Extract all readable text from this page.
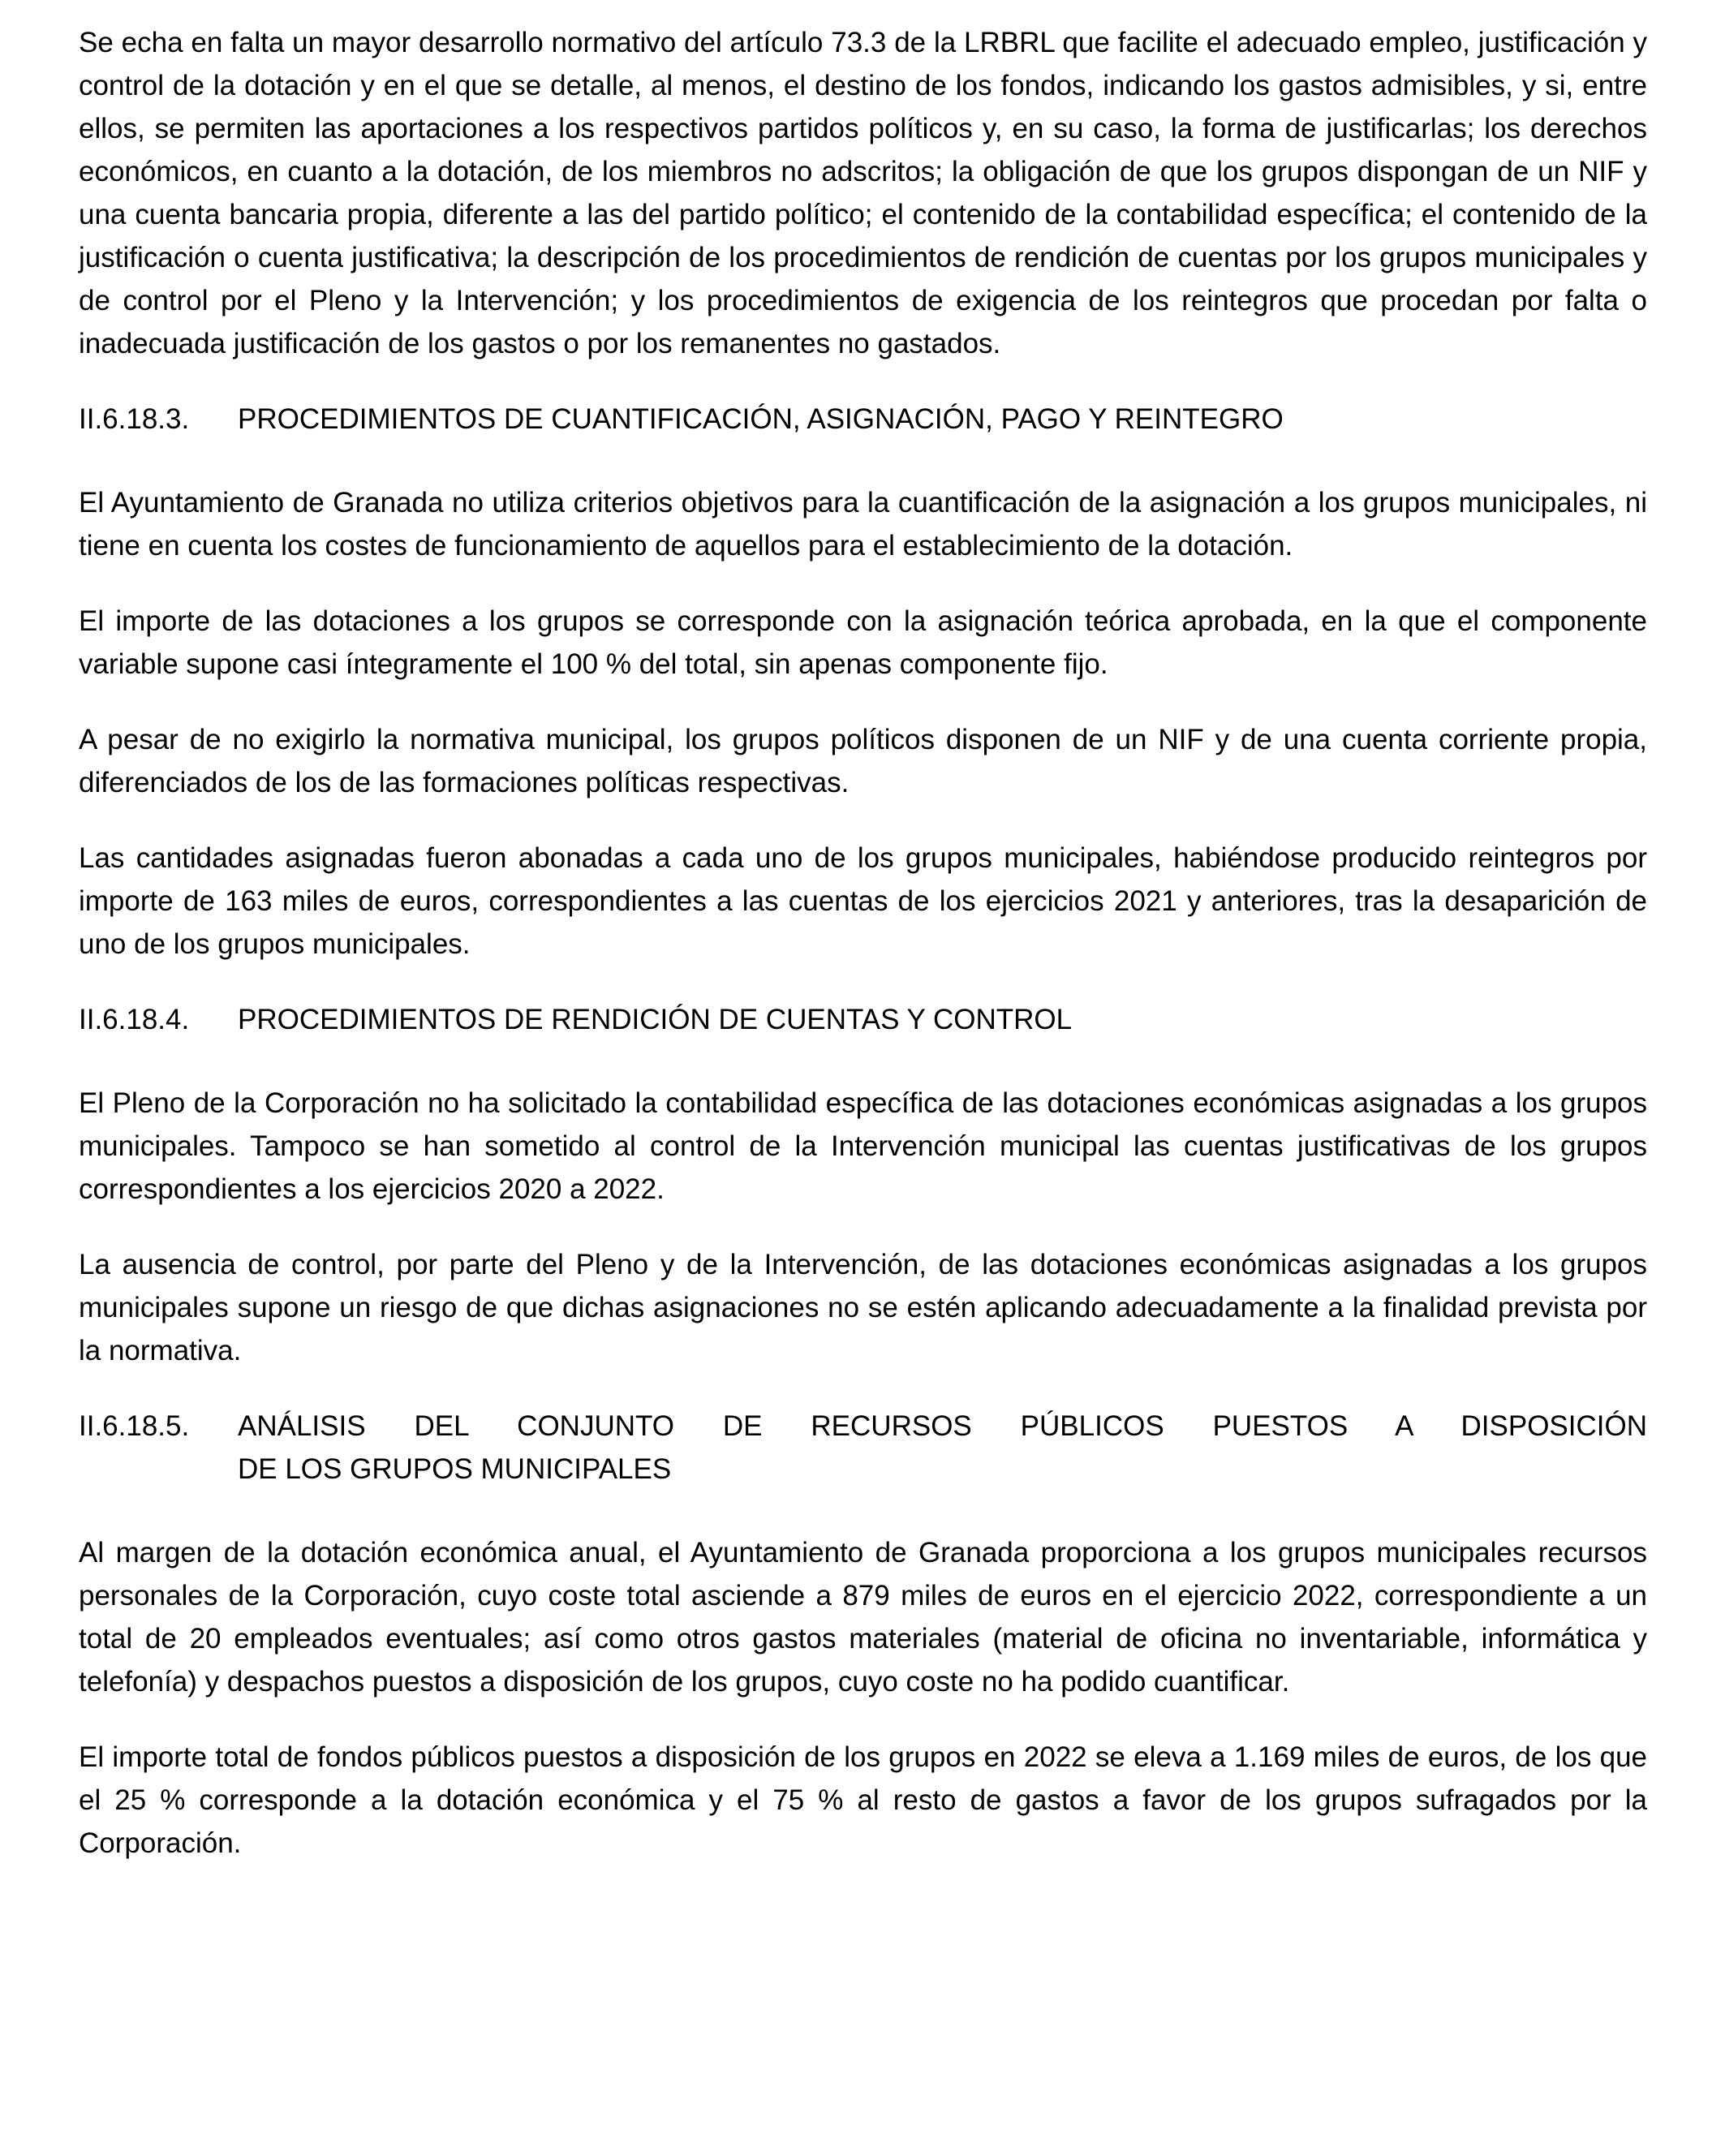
Se echa en falta un mayor desarrollo normativo del artículo 73.3 de la LRBRL que facilite el adecuado empleo, justificación y control de la dotación y en el que se detalle, al menos, el destino de los fondos, indicando los gastos admisibles, y si, entre ellos, se permiten las aportaciones a los respectivos partidos políticos y, en su caso, la forma de justificarlas; los derechos económicos, en cuanto a la dotación, de los miembros no adscritos; la obligación de que los grupos dispongan de un NIF y una cuenta bancaria propia, diferente a las del partido político; el contenido de la contabilidad específica; el contenido de la justificación o cuenta justificativa; la descripción de los procedimientos de rendición de cuentas por los grupos municipales y de control por el Pleno y la Intervención; y los procedimientos de exigencia de los reintegros que procedan por falta o inadecuada justificación de los gastos o por los remanentes no gastados.

II.6.18.3.	PROCEDIMIENTOS DE CUANTIFICACIÓN, ASIGNACIÓN, PAGO Y REINTEGRO

El Ayuntamiento de Granada no utiliza criterios objetivos para la cuantificación de la asignación a los grupos municipales, ni tiene en cuenta los costes de funcionamiento de aquellos para el establecimiento de la dotación.

El importe de las dotaciones a los grupos se corresponde con la asignación teórica aprobada, en la que el componente variable supone casi íntegramente el 100 % del total, sin apenas componente fijo.

A pesar de no exigirlo la normativa municipal, los grupos políticos disponen de un NIF y de una cuenta corriente propia, diferenciados de los de las formaciones políticas respectivas.

Las cantidades asignadas fueron abonadas a cada uno de los grupos municipales, habiéndose producido reintegros por importe de 163 miles de euros, correspondientes a las cuentas de los ejercicios 2021 y anteriores, tras la desaparición de uno de los grupos municipales.

II.6.18.4.	PROCEDIMIENTOS DE RENDICIÓN DE CUENTAS Y CONTROL

El Pleno de la Corporación no ha solicitado la contabilidad específica de las dotaciones económicas asignadas a los grupos municipales. Tampoco se han sometido al control de la Intervención municipal las cuentas justificativas de los grupos correspondientes a los ejercicios 2020 a 2022.

La ausencia de control, por parte del Pleno y de la Intervención, de las dotaciones económicas asignadas a los grupos municipales supone un riesgo de que dichas asignaciones no se estén aplicando adecuadamente a la finalidad prevista por la normativa.

II.6.18.5.	ANÁLISIS DEL CONJUNTO DE RECURSOS PÚBLICOS PUESTOS A DISPOSICIÓN
DE LOS GRUPOS MUNICIPALES

Al margen de la dotación económica anual, el Ayuntamiento de Granada proporciona a los grupos municipales recursos personales de la Corporación, cuyo coste total asciende a 879 miles de euros en el ejercicio 2022, correspondiente a un total de 20 empleados eventuales; así como otros gastos materiales (material de oficina no inventariable, informática y telefonía) y despachos puestos a disposición de los grupos, cuyo coste no ha podido cuantificar.

El importe total de fondos públicos puestos a disposición de los grupos en 2022 se eleva a 1.169 miles de euros, de los que el 25 % corresponde a la dotación económica y el 75 % al resto de gastos a favor de los grupos sufragados por la Corporación.
